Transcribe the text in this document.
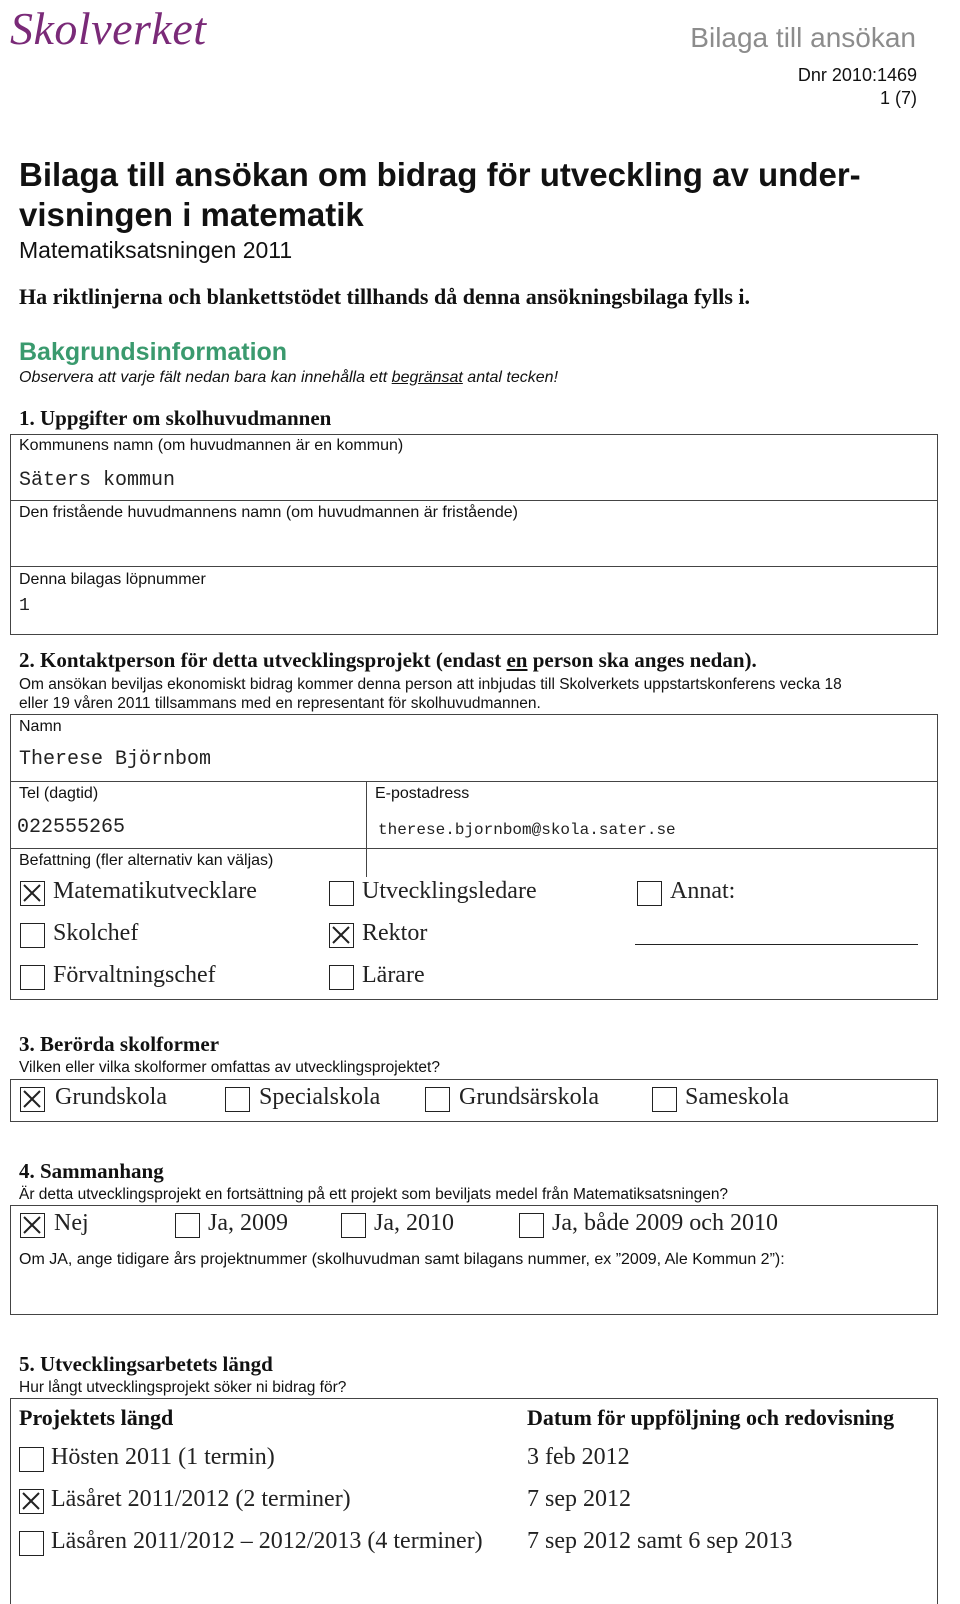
Skolverket	Bilaga till ansökan
Dnr 2010:1469
1 (7)
Bilaga till ansökan om bidrag för utveckling av under-
visningen i matematik
Matematiksatsningen 2011
Ha riktlinjerna och blankettstödet tillhands då denna ansökningsbilaga fylls i.
Bakgrundsinformation
Observera att varje fält nedan bara kan innehålla ett begränsat antal tecken!
1. Uppgifter om skolhuvudmannen
Kommunens namn (om huvudmannen är en kommun)
Säters kommun
Den fristående huvudmannens namn (om huvudmannen är fristående)
Denna bilagas löpnummer
1
2. Kontaktperson för detta utvecklingsprojekt (endast en person ska anges nedan).
Om ansökan beviljas ekonomiskt bidrag kommer denna person att inbjudas till Skolverkets uppstartskonferens vecka 18
eller 19 våren 2011 tillsammans med en representant för skolhuvudmannen.
Namn
Therese Björnbom
Tel (dagtid)
022555265
E-postadress
therese.bjornbom@skola.sater.se
Befattning (fler alternativ kan väljas)
Matematikutvecklare	Utvecklingsledare	Annat:
Skolchef	Rektor
Förvaltningschef	Lärare
3. Berörda skolformer
Vilken eller vilka skolformer omfattas av utvecklingsprojektet?
Grundskola	Specialskola	Grundsärskola	Sameskola
4. Sammanhang
Är detta utvecklingsprojekt en fortsättning på ett projekt som beviljats medel från Matematiksatsningen?
Nej	Ja, 2009	Ja, 2010	Ja, både 2009 och 2010
Om JA, ange tidigare års projektnummer (skolhuvudman samt bilagans nummer, ex ”2009, Ale Kommun 2”):
5. Utvecklingsarbetets längd
Hur långt utvecklingsprojekt söker ni bidrag för?
Projektets längd	Datum för uppföljning och redovisning
Hösten 2011 (1 termin)	3 feb 2012
Läsåret 2011/2012 (2 terminer)	7 sep 2012
Läsåren 2011/2012 – 2012/2013 (4 terminer) 7 sep 2012 samt 6 sep 2013
